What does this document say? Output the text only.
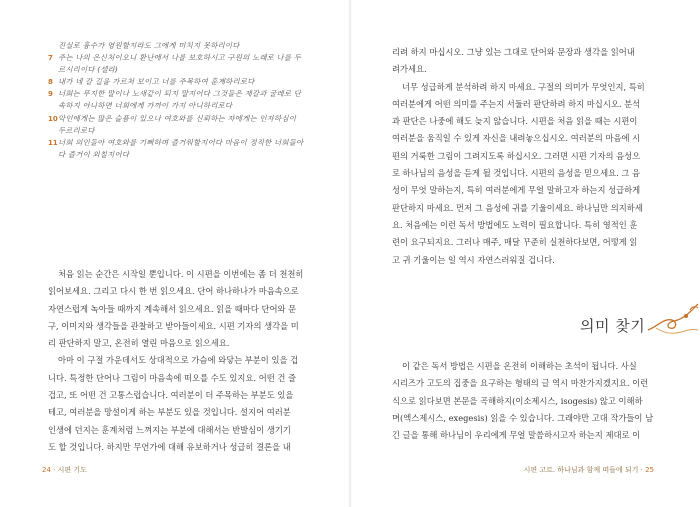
진실로 흉수가 영원할지라도 그에게 미치지 못하리이다
7 주는 나의 은신처이오니 환난에서 나를 보호하시고 구원의 노래로 나를 두
르시리이다 (셀라)
8 내가 네 갈 길을 가르쳐 보이고 너를 주목하여 훈계하리로다
9 너희는 무지한 말이나 노새같이 되지 말지어다 그것들은 재갈과 굴레로 단
속하지 아니하면 너희에게 가까이 가지 아니하리로다
10 악인에게는 많은 슬픔이 있으나 여호와를 신뢰하는 자에게는 인자하심이
두르리로다
11 너희 의인들아 여호와를 기뻐하며 즐거워할지어다 마음이 정직한 너희들아
다 즐거이 외칠지어다

처음 읽는 순간은 시작일 뿐입니다. 이 시편을 이번에는 좀 더 천천히

읽어보세요. 그리고 다시 한 번 읽으세요. 단어 하나하나가 마음속으로

자연스럽게 녹아들 때까지 계속해서 읽으세요. 읽을 때마다 단어와 문

구, 이미지와 생각들을 관찰하고 받아들이세요. 시편 기자의 생각을 미

리 판단하지 말고, 온전히 열린 마음으로 읽으세요.

아마 이 구절 가운데서도 상대적으로 가슴에 와닿는 부분이 있을 겁

니다. 특정한 단어나 그림이 마음속에 떠오를 수도 있지요. 어떤 건 즐

겁고, 또 어떤 건 고통스럽습니다. 여러분이 더 주목하는 부분도 있을

테고, 여러분을 망설이게 하는 부분도 있을 것입니다. 설지어 여러분

인생에 던지는 훈계처럼 느껴지는 부분에 대해서는 반발심이 생기기

도 할 것입니다. 하지만 무언가에 대해 유보하거나 성급히 결론을 내

24 · 시편 기도

리려 하지 마십시오. 그냥 있는 그대로 단어와 문장과 생각을 읽어내

려가세요.

너무 성급하게 분석하려 하지 마세요. 구절의 의미가 무엇인지, 특히

여러분에게 어떤 의미를 주는지 서둘러 판단하려 하지 마십시오. 분석

과 판단은 나중에 해도 늦지 않습니다. 시편을 처음 읽을 때는 시편이

여러분을 움직일 수 있게 자신을 내려놓으십시오. 여러분의 마음에 시

편의 거룩한 그림이 그려지도록 하십시오. 그러면 시편 기자의 음성으

로 하나님의 음성을 듣게 될 것입니다. 시편의 음성을 믿으세요. 그 음

성이 무엇 말하는지, 특히 여러분에게 무얼 말하고자 하는지 성급하게

판단하지 마세요. 먼저 그 음성에 귀를 기울이세요. 하나님만 의지하세

요. 처음에는 이런 독서 방법에도 노력이 필요합니다. 특히 영적인 훈

련이 요구되지요. 그러나 매주, 매달 꾸준히 실천하다보면, 어떻게 읽

고 귀 기울이는 일 역시 자연스러워질 겁니다.

의미 찾기

이 같은 독서 방법은 시편을 온전히 이해하는 초석이 됩니다. 사실

시리즈가 고도의 집중을 요구하는 형태의 글 역시 마찬가지겠지요. 이런

식으로 읽다보면 본문을 곡해하지(이소제시스, isogesis) 않고 이해하

며(엑스제시스, exegesis) 읽을 수 있습니다. 그래야만 고대 작가들이 남

긴 글을 통해 하나님이 우리에게 무얼 말씀하시고자 하는지 제대로 이

시편 고르. 하나님과 함께 떠들에 되기 · 25
